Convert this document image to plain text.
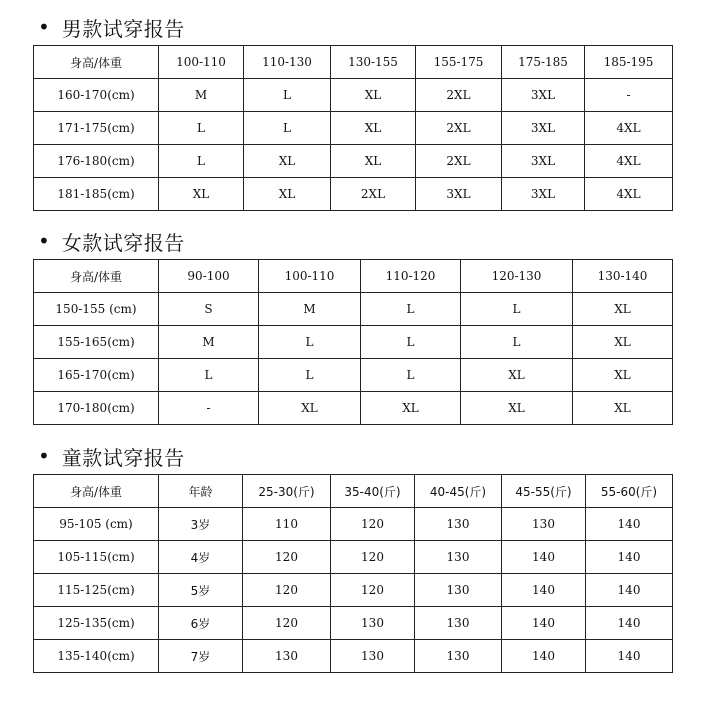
• 男款试穿报告
身高/体重	100-110	110-130	130-155	155-175	175-185	185-195
160-170(cm)	M	L	XL	2XL	3XL	-
171-175(cm)	L	L	XL	2XL	3XL	4XL
176-180(cm)	L	XL	XL	2XL	3XL	4XL
181-185(cm)	XL	XL	2XL	3XL	3XL	4XL
• 女款试穿报告
身高/体重	90-100	100-110	110-120	120-130	130-140
150-155 (cm)	S	M	L	L	XL
155-165(cm)	M	L	L	L	XL
165-170(cm)	L	L	L	XL	XL
170-180(cm)	-	XL	XL	XL	XL
• 童款试穿报告
身高/体重	年龄	25-30(斤)	35-40(斤)	40-45(斤)	45-55(斤)	55-60(斤)
95-105 (cm)	3岁	110	120	130	130	140
105-115(cm)	4岁	120	120	130	140	140
115-125(cm)	5岁	120	120	130	140	140
125-135(cm)	6岁	120	130	130	140	140
135-140(cm)	7岁	130	130	130	140	140
